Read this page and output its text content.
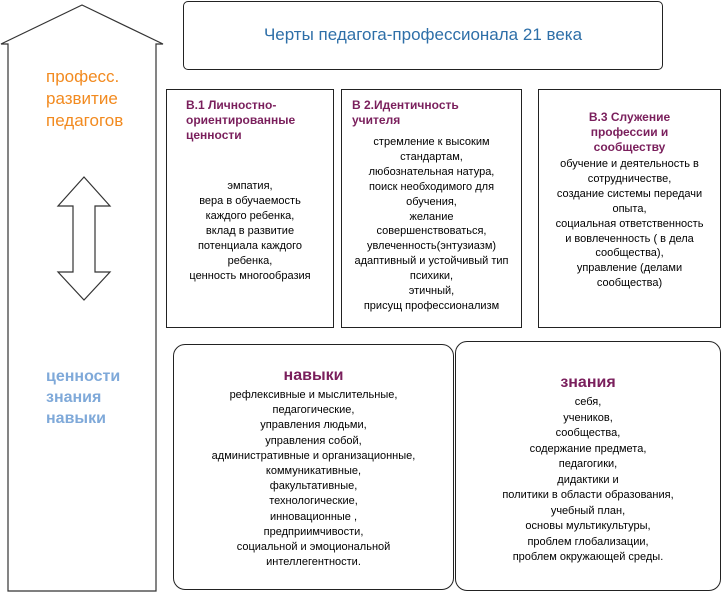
професс.
развитие
педагогов
ценности
знания
навыки
Черты педагога-профессионала 21 века
В.1 Личностно-
ориентированные
ценности
эмпатия,
вера в обучаемость
каждого ребенка,
вклад в развитие
потенциала каждого
ребенка,
ценность многообразия
В 2.Идентичность
учителя
стремление к высоким
стандартам,
любознательная натура,
поиск необходимого для
обучения,
желание
совершенствоваться,
увлеченность(энтузиазм)
адаптивный и устойчивый тип
психики,
этичный,
присущ профессионализм
В.3 Служение
профессии и
сообществу
обучение и деятельность в
сотрудничестве,
создание системы передачи
опыта,
социальная ответственность
и вовлеченность ( в дела
сообщества),
управление (делами
сообщества)
навыки
рефлексивные и мыслительные,
педагогические,
управления людьми,
управления собой,
административные и организационные,
коммуникативные,
факультативные,
технологические,
инновационные ,
предприимчивости,
социальной и эмоциональной
интеллегентности.
знания
себя,
учеников,
сообщества,
содержание предмета,
педагогики,
дидактики и
политики в области образования,
учебный план,
основы мультикультуры,
проблем глобализации,
проблем окружающей среды.
